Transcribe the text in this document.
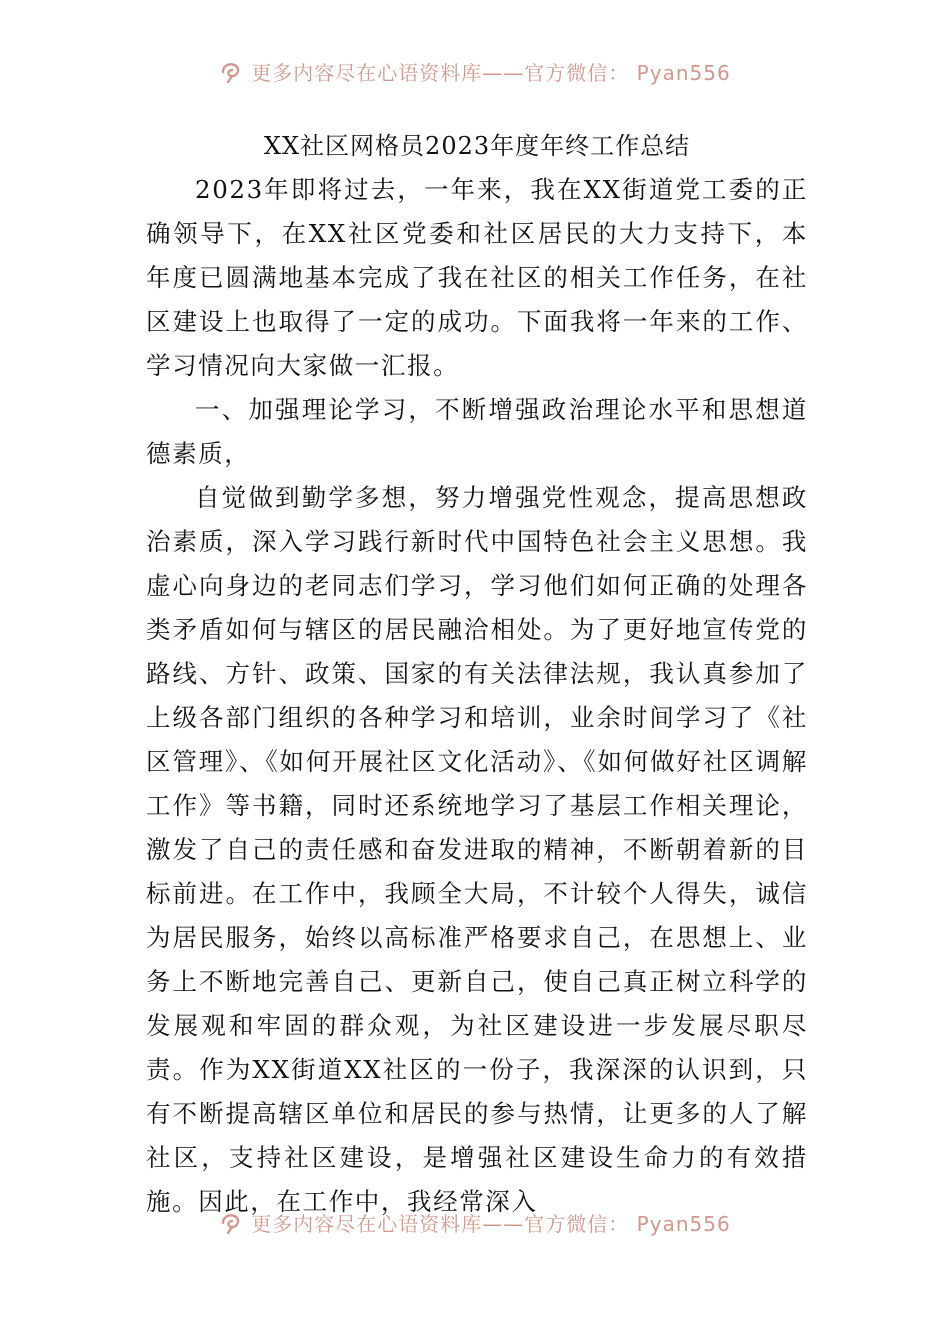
更多内容尽在心语资料库——官方微信： Pyan556
XX社区网格员2023年度年终工作总结

2023年即将过去，一年来，我在XX街道党工委的正确领导下，在XX社区党委和社区居民的大力支持下，本年度已圆满地基本完成了我在社区的相关工作任务，在社区建设上也取得了一定的成功。下面我将一年来的工作、学习情况向大家做一汇报。

一、加强理论学习，不断增强政治理论水平和思想道德素质，

自觉做到勤学多想，努力增强党性观念，提高思想政治素质，深入学习践行新时代中国特色社会主义思想。我虚心向身边的老同志们学习，学习他们如何正确的处理各类矛盾如何与辖区的居民融洽相处。为了更好地宣传党的路线、方针、政策、国家的有关法律法规，我认真参加了上级各部门组织的各种学习和培训，业余时间学习了《社区管理》、《如何开展社区文化活动》、《如何做好社区调解工作》等书籍，同时还系统地学习了基层工作相关理论，激发了自己的责任感和奋发进取的精神，不断朝着新的目标前进。在工作中，我顾全大局，不计较个人得失，诚信为居民服务，始终以高标准严格要求自己，在思想上、业务上不断地完善自己、更新自己，使自己真正树立科学的发展观和牢固的群众观，为社区建设进一步发展尽职尽责。作为XX街道XX社区的一份子，我深深的认识到，只有不断提高辖区单位和居民的参与热情，让更多的人了解社区，支持社区建设，是增强社区建设生命力的有效措施。因此，在工作中，我经常深入

更多内容尽在心语资料库——官方微信： Pyan556
